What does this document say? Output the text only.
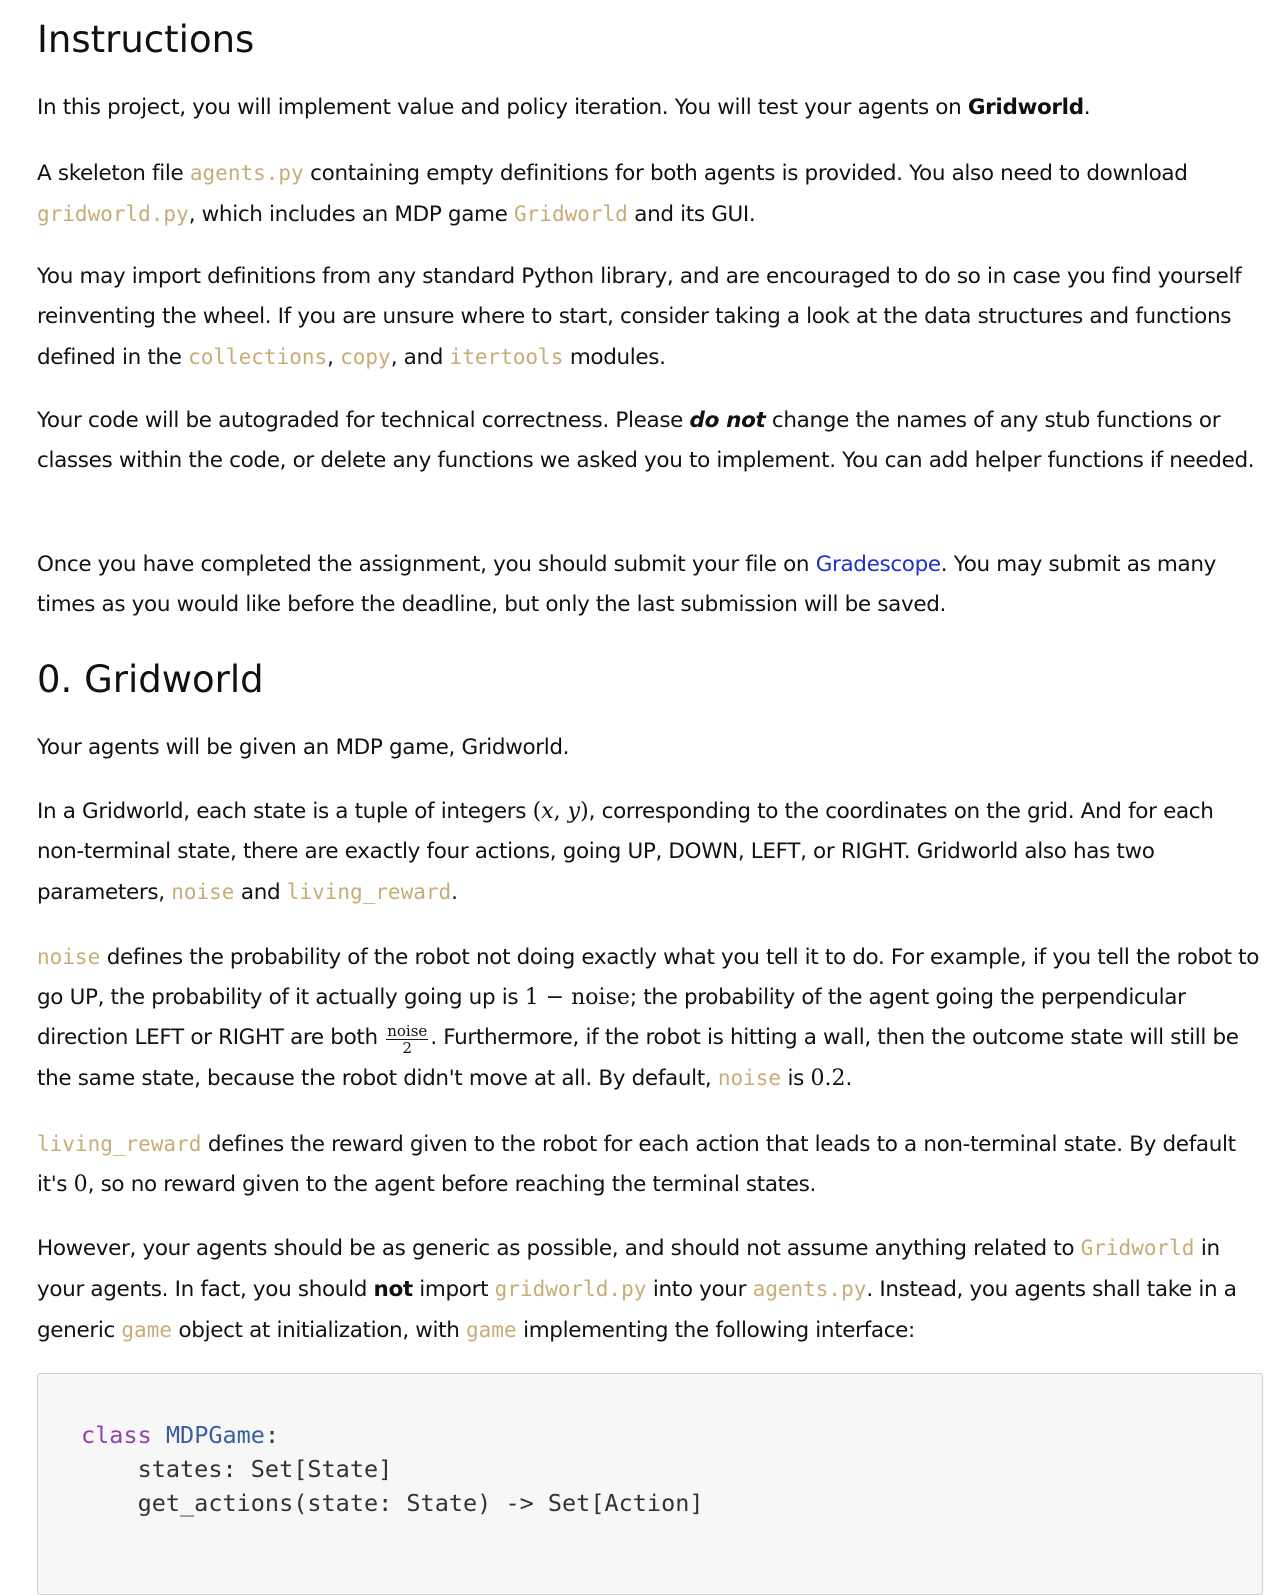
Instructions

In this project, you will implement value and policy iteration. You will test your agents on Gridworld.

A skeleton file agents.py containing empty definitions for both agents is provided. You also need to download gridworld.py, which includes an MDP game Gridworld and its GUI.

You may import definitions from any standard Python library, and are encouraged to do so in case you find yourself reinventing the wheel. If you are unsure where to start, consider taking a look at the data structures and functions defined in the collections, copy, and itertools modules.

Your code will be autograded for technical correctness. Please do not change the names of any stub functions or classes within the code, or delete any functions we asked you to implement. You can add helper functions if needed.

Once you have completed the assignment, you should submit your file on Gradescope. You may submit as many times as you would like before the deadline, but only the last submission will be saved.

0. Gridworld

Your agents will be given an MDP game, Gridworld.

In a Gridworld, each state is a tuple of integers (x, y), corresponding to the coordinates on the grid. And for each non-terminal state, there are exactly four actions, going UP, DOWN, LEFT, or RIGHT. Gridworld also has two parameters, noise and living_reward.

noise defines the probability of the robot not doing exactly what you tell it to do. For example, if you tell the robot to go UP, the probability of it actually going up is 1 − noise; the probability of the agent going the perpendicular direction LEFT or RIGHT are both $\frac{\text{noise}}{2}$ . Furthermore, if the robot is hitting a wall, then the outcome state will still be the same state, because the robot didn't move at all. By default, noise is 0.2.

living_reward defines the reward given to the robot for each action that leads to a non-terminal state. By default it's 0, so no reward given to the agent before reaching the terminal states.

However, your agents should be as generic as possible, and should not assume anything related to Gridworld in your agents. In fact, you should not import gridworld.py into your agents.py. Instead, you agents shall take in a generic game object at initialization, with game implementing the following interface:

class MDPGame:
states: Set[State]
get_actions(state: State) -> Set[Action]
